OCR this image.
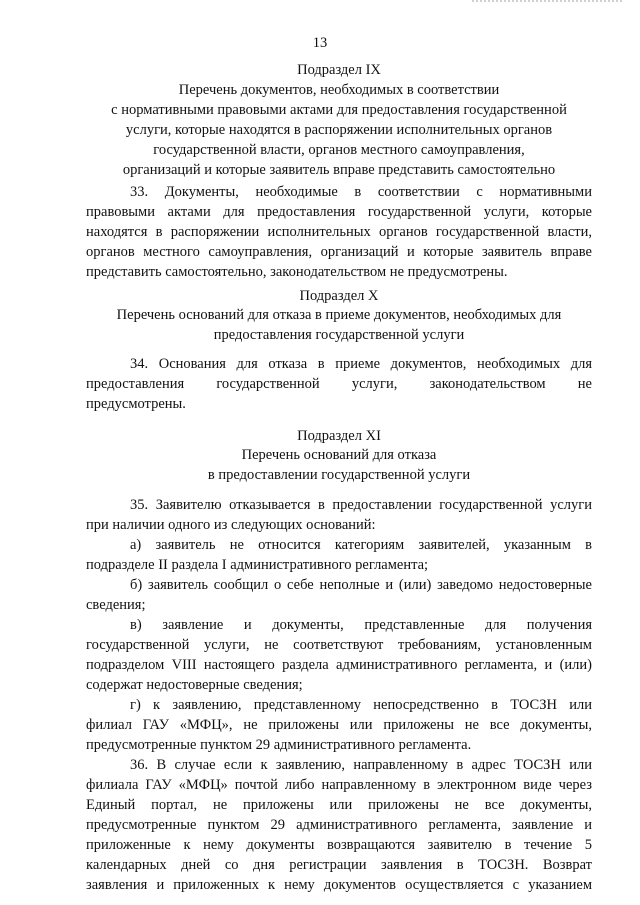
13
Подраздел IX
Перечень документов, необходимых в соответствии
с нормативными правовыми актами для предоставления государственной
услуги, которые находятся в распоряжении исполнительных органов
государственной власти, органов местного самоуправления,
организаций и которые заявитель вправе представить самостоятельно
33. Документы, необходимые в соответствии с нормативными
правовыми актами для предоставления государственной услуги, которые
находятся в распоряжении исполнительных органов государственной власти,
органов местного самоуправления, организаций и которые заявитель вправе
представить самостоятельно, законодательством не предусмотрены.
Подраздел X
Перечень оснований для отказа в приеме документов, необходимых для
предоставления государственной услуги
34. Основания для отказа в приеме документов, необходимых для
предоставления государственной услуги, законодательством не
предусмотрены.
Подраздел XI
Перечень оснований для отказа
в предоставлении государственной услуги
35. Заявителю отказывается в предоставлении государственной услуги
при наличии одного из следующих оснований:
а) заявитель не относится категориям заявителей, указанным в
подразделе II раздела I административного регламента;
б) заявитель сообщил о себе неполные и (или) заведомо недостоверные
сведения;
в) заявление и документы, представленные для получения
государственной услуги, не соответствуют требованиям, установленным
подразделом VIII настоящего раздела административного регламента, и (или)
содержат недостоверные сведения;
г) к заявлению, представленному непосредственно в ТОСЗН или
филиал ГАУ «МФЦ», не приложены или приложены не все документы,
предусмотренные пунктом 29 административного регламента.
36. В случае если к заявлению, направленному в адрес ТОСЗН или
филиала ГАУ «МФЦ» почтой либо направленному в электронном виде через
Единый портал, не приложены или приложены не все документы,
предусмотренные пунктом 29 административного регламента, заявление и
приложенные к нему документы возвращаются заявителю в течение 5
календарных дней со дня регистрации заявления в ТОСЗН. Возврат
заявления и приложенных к нему документов осуществляется с указанием
